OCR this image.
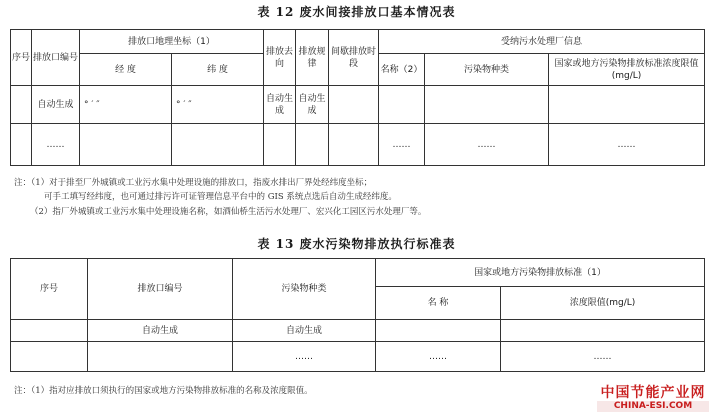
表 12 废水间接排放口基本情况表
序号	排放口编号	排放口地理坐标（1）		排放去向	排放规律	间歇排放时段	受纳污水处理厂信息		
		经 度	纬 度				名称（2）	污染物种类	国家或地方污染物排放标准浓度限值(mg/L)
	自动生成	° ′ ″	° ′ ″	自动生成	自动生成				
	……						……	……	……
注：（1）对于排至厂外城镇或工业污水集中处理设施的排放口，指废水排出厂界处经纬度坐标；
可手工填写经纬度，也可通过排污许可证管理信息平台中的 GIS 系统点选后自动生成经纬度。
（2）指厂外城镇或工业污水集中处理设施名称，如酒仙桥生活污水处理厂、宏兴化工园区污水处理厂等。
表 13 废水污染物排放执行标准表
序号	排放口编号	污染物种类	国家或地方污染物排放标准（1）	
			名 称	浓度限值(mg/L)
	自动生成	自动生成		
		……	……	……
注：（1）指对应排放口须执行的国家或地方污染物排放标准的名称及浓度限值。	中国节能产业网
CHINA-ESI.COM
